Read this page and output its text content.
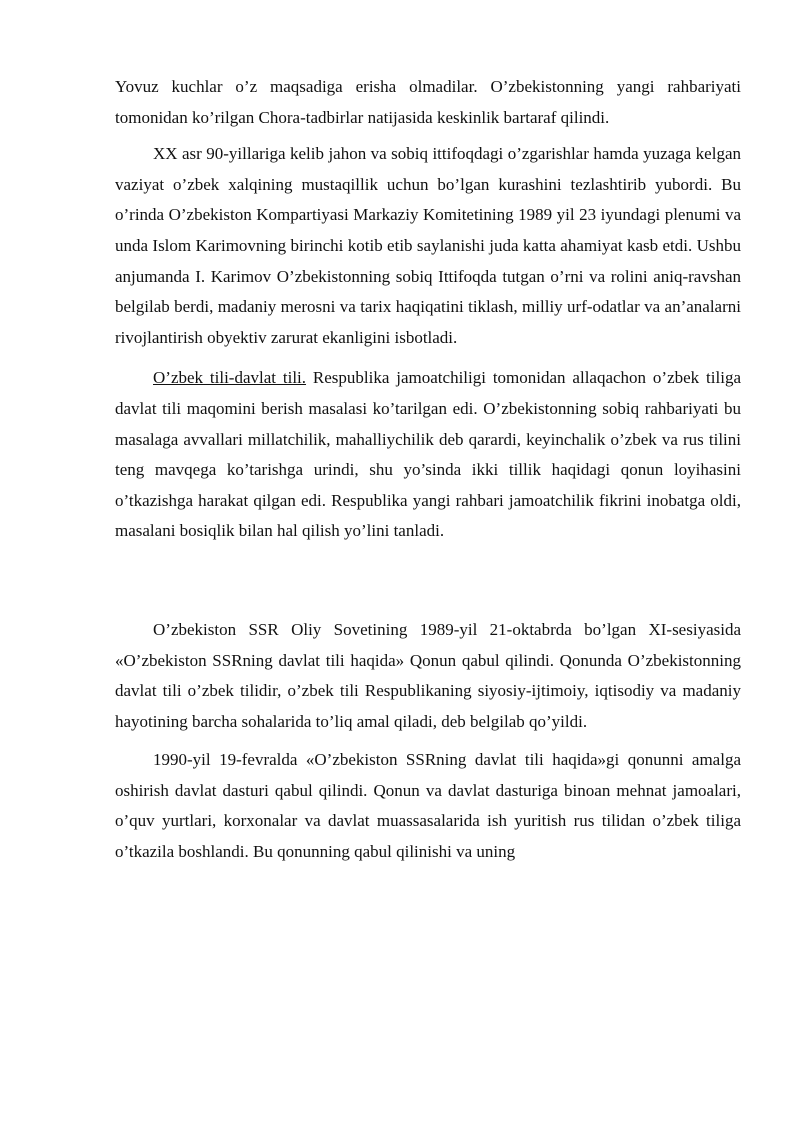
Yovuz kuchlar o’z maqsadiga erisha olmadilar. O’zbekistonning yangi rahbariyati tomonidan ko’rilgan Chora-tadbirlar natijasida keskinlik bartaraf qilindi.

XX asr 90-yillariga kelib jahon va sobiq ittifoqdagi o’zgarishlar hamda yuzaga kelgan vaziyat o’zbek xalqining mustaqillik uchun bo’lgan kurashini tezlashtirib yubordi. Bu o’rinda O’zbekiston Kompartiyasi Markaziy Komitetining 1989 yil 23 iyundagi plenumi va unda Islom Karimovning birinchi kotib etib saylanishi juda katta ahamiyat kasb etdi. Ushbu anjumanda I. Karimov O’zbekistonning sobiq Ittifoqda tutgan o’rni va rolini aniq-ravshan belgilab berdi, madaniy merosni va tarix haqiqatini tiklash, milliy urf-odatlar va an’analarni rivojlantirish obyektiv zarurat ekanligini isbotladi.

O’zbek tili-davlat tili. Respublika jamoatchiligi tomonidan allaqachon o’zbek tiliga davlat tili maqomini berish masalasi ko’tarilgan edi. O’zbekistonning sobiq rahbariyati bu masalaga avvallari millatchilik, mahalliychilik deb qarardi, keyinchalik o’zbek va rus tilini teng mavqega ko’tarishga urindi, shu yo’sinda ikki tillik haqidagi qonun loyihasini o’tkazishga harakat qilgan edi. Respublika yangi rahbari jamoatchilik fikrini inobatga oldi, masalani bosiqlik bilan hal qilish yo’lini tanladi.

O’zbekiston SSR Oliy Sovetining 1989-yil 21-oktabrda bo’lgan XI-sesiyasida «O’zbekiston SSRning davlat tili haqida» Qonun qabul qilindi. Qonunda O’zbekistonning davlat tili o’zbek tilidir, o’zbek tili Respublikaning siyosiy-ijtimoiy, iqtisodiy va madaniy hayotining barcha sohalarida to’liq amal qiladi, deb belgilab qo’yildi.

1990-yil 19-fevralda «O’zbekiston SSRning davlat tili haqida»gi qonunni amalga oshirish davlat dasturi qabul qilindi. Qonun va davlat dasturiga binoan mehnat jamoalari, o’quv yurtlari, korxonalar va davlat muassasalarida ish yuritish rus tilidan o’zbek tiliga o’tkazila boshlandi. Bu qonunning qabul qilinishi va uning
